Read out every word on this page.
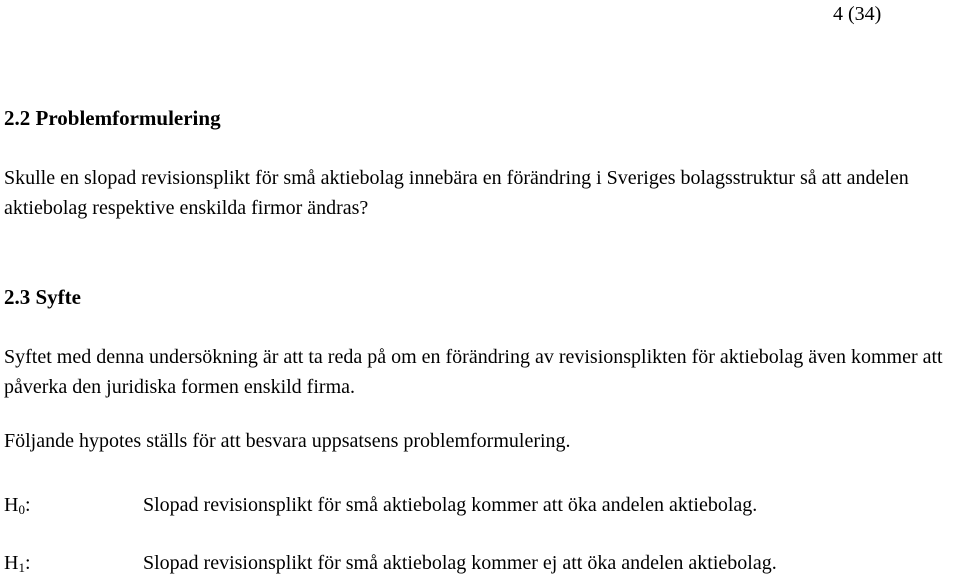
4 (34)
2.2 Problemformulering
Skulle en slopad revisionsplikt för små aktiebolag innebära en förändring i Sveriges bolagsstruktur så att andelen aktiebolag respektive enskilda firmor ändras?
2.3 Syfte
Syftet med denna undersökning är att ta reda på om en förändring av revisionsplikten för aktiebolag även kommer att påverka den juridiska formen enskild firma.
Följande hypotes ställs för att besvara uppsatsens problemformulering.
$H_0$:	Slopad revisionsplikt för små aktiebolag kommer att öka andelen aktiebolag.
$H_1$:	Slopad revisionsplikt för små aktiebolag kommer ej att öka andelen aktiebolag.
